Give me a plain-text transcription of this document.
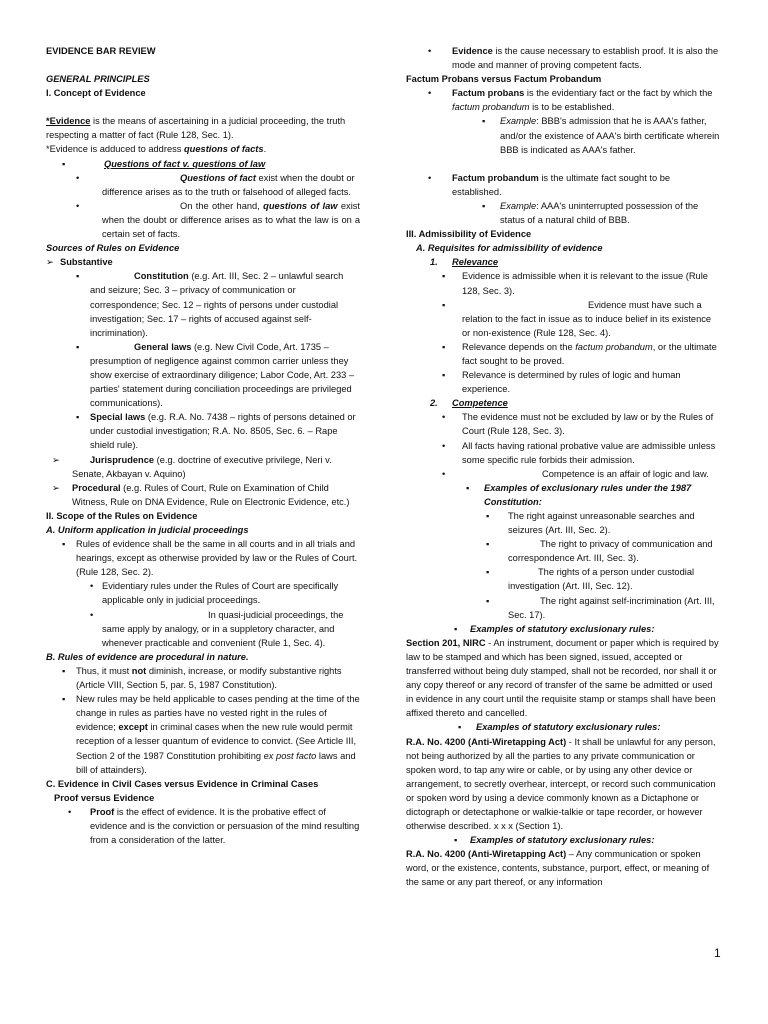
EVIDENCE BAR REVIEW
GENERAL PRINCIPLES
I. Concept of Evidence
*Evidence is the means of ascertaining in a judicial proceeding, the truth respecting a matter of fact (Rule 128, Sec. 1).
*Evidence is adduced to address questions of facts.
▪	Questions of fact v. questions of law
•	Questions of fact exist when the doubt or difference arises as to the truth or falsehood of alleged facts.
•	On the other hand, questions of law exist when the doubt or difference arises as to what the law is on a certain set of facts.
Sources of Rules on Evidence
➢ Substantive
▪	Constitution (e.g. Art. III, Sec. 2 – unlawful search and seizure; Sec. 3 – privacy of communication or correspondence; Sec. 12 – rights of persons under custodial investigation; Sec. 17 – rights of accused against self-incrimination).
▪	General laws (e.g. New Civil Code, Art. 1735 – presumption of negligence against common carrier unless they show exercise of extraordinary diligence; Labor Code, Art. 233 – parties' statement during conciliation proceedings are privileged communications).
▪ Special laws (e.g. R.A. No. 7438 – rights of persons detained or under custodial investigation; R.A. No. 8505, Sec. 6. – Rape shield rule).
➢	Jurisprudence (e.g. doctrine of executive privilege, Neri v. Senate, Akbayan v. Aquino)
➢ Procedural (e.g. Rules of Court, Rule on Examination of Child Witness, Rule on DNA Evidence, Rule on Electronic Evidence, etc.)
II. Scope of the Rules on Evidence
A. Uniform application in judicial proceedings
▪ Rules of evidence shall be the same in all courts and in all trials and hearings, except as otherwise provided by law or the Rules of Court.(Rule 128, Sec. 2).
• Evidentiary rules under the Rules of Court are specifically applicable only in judicial proceedings.
•	In quasi-judicial proceedings, the same apply by analogy, or in a suppletory character, and whenever practicable and convenient (Rule 1, Sec. 4).
B. Rules of evidence are procedural in nature.
▪ Thus, it must not diminish, increase, or modify substantive rights (Article VIII, Section 5, par. 5, 1987 Constitution).
▪ New rules may be held applicable to cases pending at the time of the change in rules as parties have no vested right in the rules of evidence; except in criminal cases when the new rule would permit reception of a lesser quantum of evidence to convict. (See Article III, Section 2 of the 1987 Constitution prohibiting ex post facto laws and bill of attainders).
C. Evidence in Civil Cases versus Evidence in Criminal Cases
Proof versus Evidence
• Proof is the effect of evidence. It is the probative effect of evidence and is the conviction or persuasion of the mind resulting from a consideration of the latter.
• Evidence is the cause necessary to establish proof. It is also the mode and manner of proving competent facts.
Factum Probans versus Factum Probandum
• Factum probans is the evidentiary fact or the fact by which the factum probandum is to be established.
▪ Example: BBB's admission that he is AAA's father, and/or the existence of AAA's birth certificate wherein BBB is indicated as AAA's father.
• Factum probandum is the ultimate fact sought to be established.
▪ Example: AAA's uninterrupted possession of the status of a natural child of BBB.
III. Admissibility of Evidence
A. Requisites for admissibility of evidence
1. Relevance
▪ Evidence is admissible when it is relevant to the issue (Rule 128, Sec. 3).
▪	Evidence must have such a relation to the fact in issue as to induce belief in its existence or non-existence (Rule 128, Sec. 4).
▪ Relevance depends on the factum probandum, or the ultimate fact sought to be proved.
▪ Relevance is determined by rules of logic and human experience.
2. Competence
• The evidence must not be excluded by law or by the Rules of Court (Rule 128, Sec. 3).
• All facts having rational probative value are admissible unless some specific rule forbids their admission.
•	Competence is an affair of logic and law.
▪ Examples of exclusionary rules under the 1987 Constitution:
▪ The right against unreasonable searches and seizures (Art. III, Sec. 2).
▪	The right to privacy of communication and correspondence Art. III, Sec. 3).
▪	The rights of a person under custodial investigation (Art. III, Sec. 12).
▪	The right against self-incrimination (Art. III, Sec. 17).
▪ Examples of statutory exclusionary rules:
Section 201, NIRC - An instrument, document or paper which is required by law to be stamped and which has been signed, issued, accepted or transferred without being duly stamped, shall not be recorded, nor shall it or any copy thereof or any record of transfer of the same be admitted or used in evidence in any court until the requisite stamp or stamps shall have been affixed thereto and cancelled.
▪ Examples of statutory exclusionary rules:
R.A. No. 4200 (Anti-Wiretapping Act) - It shall be unlawful for any person, not being authorized by all the parties to any private communication or spoken word, to tap any wire or cable, or by using any other device or arrangement, to secretly overhear, intercept, or record such communication or spoken word by using a device commonly known as a Dictaphone or dictograph or detectaphone or walkie-talkie or tape recorder, or however otherwise described. x x x (Section 1).
▪ Examples of statutory exclusionary rules:
R.A. No. 4200 (Anti-Wiretapping Act) – Any communication or spoken word, or the existence, contents, substance, purport, effect, or meaning of the same or any part thereof, or any information
1
